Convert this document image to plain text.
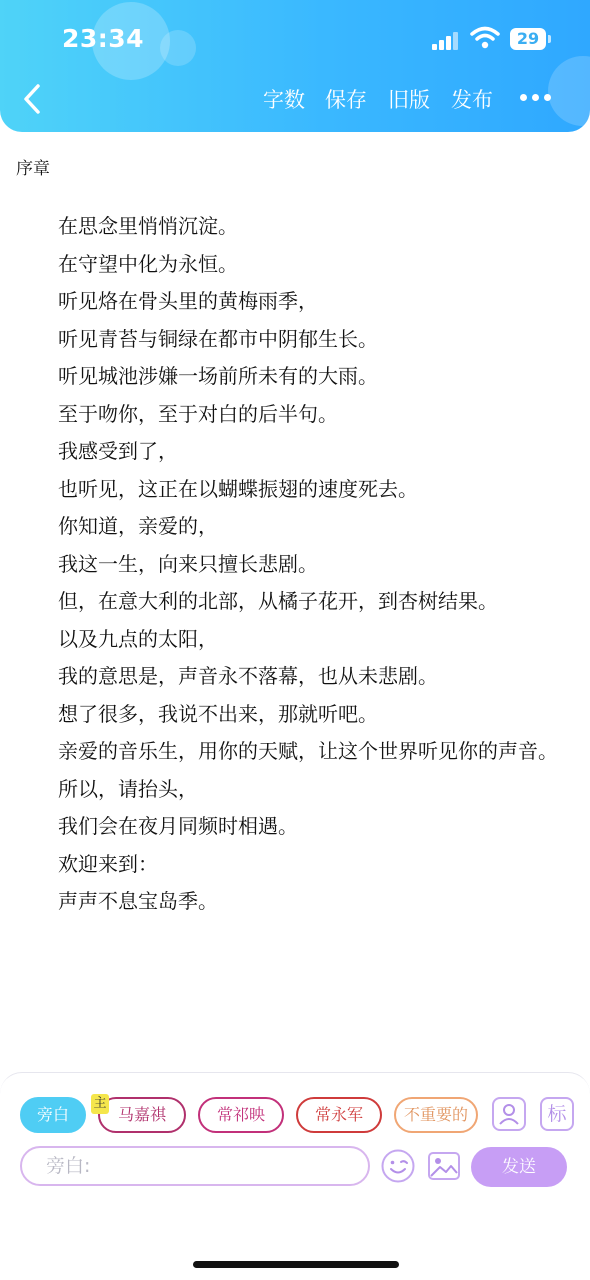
23:34	29
字数 保存 旧版 发布
序章

在思念里悄悄沉淀。

在守望中化为永恒。

听见烙在骨头里的黄梅雨季，

听见青苔与铜绿在都市中阴郁生长。

听见城池涉嫌一场前所未有的大雨。

至于吻你，至于对白的后半句。

我感受到了，

也听见，这正在以蝴蝶振翅的速度死去。

你知道，亲爱的，

我这一生，向来只擅长悲剧。

但，在意大利的北部，从橘子花开，到杏树结果。

以及九点的太阳，

我的意思是，声音永不落幕，也从未悲剧。

想了很多，我说不出来，那就听吧。

亲爱的音乐生，用你的天赋，让这个世界听见你的声音。

所以，请抬头，

我们会在夜月同频时相遇。

欢迎来到：

声声不息宝岛季。

旁白	马嘉祺
主
常祁映	常永军	不重要的	标
旁白:	发送
